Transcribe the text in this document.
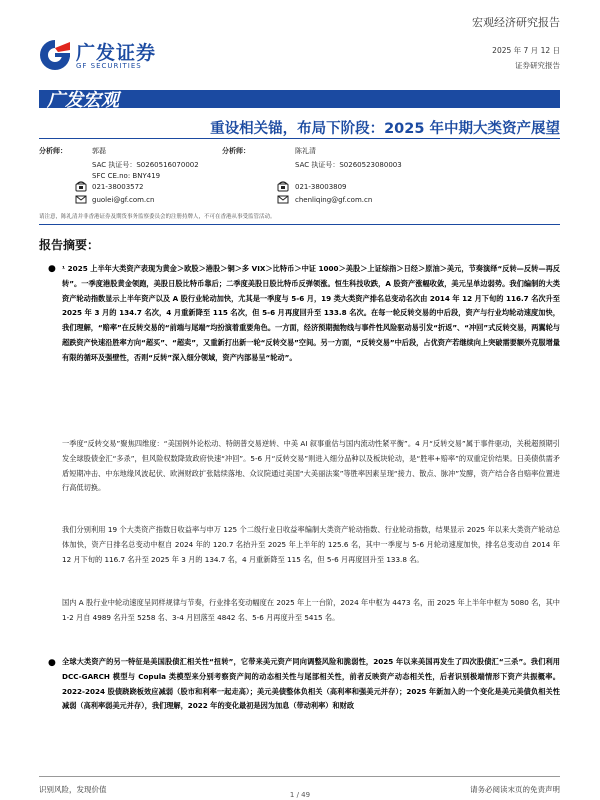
广发证券
GF SECURITIES
宏观经济研究报告
2025 年 7 月 12 日
证券研究报告
广发宏观
重设相关锚，布局下阶段：2025 年中期大类资产展望
分析师：	郭磊
SAC 执证号：S0260516070002
SFC CE.no: BNY419
021-38003572
guolei@gf.com.cn
分析师：	陈礼清
SAC 执证号：S0260523080003
021-38003809
chenliqing@gf.com.cn
请注意，陈礼清并非香港证券及期货事务监察委员会的注册持牌人，不可在香港从事受监管活动。
报告摘要：
● ¹ 2025 上半年大类资产表现为黄金＞欧股＞港股＞铜＞多 VIX＞比特币＞中证 1000＞美股＞上证综指＞日经＞原油＞美元，节奏演绎“反转—反转—再反转”。一季度港股黄金领跑，美股日股比特币靠后；二季度美股日股比特币反弹领涨。恒生科技收跌，A 股资产涨幅收敛，美元呈单边弱势。我们编制的大类资产轮动指数显示上半年资产以及 A 股行业轮动加快，尤其是一季度与 5-6 月，19 类大类资产排名总变动名次由 2014 年 12 月下旬的 116.7 名次升至 2025 年 3 月的 134.7 名次，4 月重新降至 115 名次，但 5-6 月再度回升至 133.8 名次。在每一轮反转交易的中后段，资产与行业均轮动速度加快，我们理解，“赔率”在反转交易的“前端与尾端”均扮演着重要角色。一方面，经济预期抛物线与事件性风险驱动易引发“折返”、“冲回”式反转交易，两翼轮与超跌资产快速沿胜率方向“超买”、“超卖”，又重新打出新一轮“反转交易”空间。另一方面，“反转交易”中后段，占优资产若继续向上突破需要额外克服增量有限的循环及强壁性，否则“反转”深入细分领域，资产内部易呈“轮动”。
一季度“反转交易”聚焦四维度：“美国例外论松动、特朗普交易逆转、中美 AI 叙事重估与国内流动性紧平衡”。4 月“反转交易”属于事件驱动，关税超预期引发全球股债金汇“多杀”，但风险权数降致政府快速“冲回”。5-6 月“反转交易”则进入细分品种以及板块轮动，是“胜率+赔率”的双重定价结果。日美债供需矛盾短期冲击、中东地缘风波起伏、欧洲财政扩张陆续落地、众议院通过美国“大美丽法案”等胜率因素呈现“接力、散点、脉冲”发酵，资产结合各自赔率位置进行高低切换。
我们分别利用 19 个大类资产指数日收益率与申万 125 个二级行业日收益率编制大类资产轮动指数、行业轮动指数，结果显示 2025 年以来大类资产轮动总体加快，资产日排名总变动中枢自 2024 年的 120.7 名抬升至 2025 年上半年的 125.6 名，其中一季度与 5-6 月轮动速度加快，排名总变动自 2014 年 12 月下旬的 116.7 名升至 2025 年 3 月的 134.7 名，4 月重新降至 115 名，但 5-6 月再度回升至 133.8 名。
国内 A 股行业中轮动速度呈同样规律与节奏，行业排名变动幅度在 2025 年上一台阶，2024 年中枢为 4473 名，而 2025 年上半年中枢为 5080 名，其中 1-2 月自 4989 名升至 5258 名、3-4 月回落至 4842 名、5-6 月再度升至 5415 名。
● 全球大类资产的另一特征是美国股债汇相关性“扭转”，它带来美元资产同向调整风险和脆弱性，2025 年以来美国再发生了四次股债汇“三杀”。我们利用 DCC-GARCH 模型与 Copula 类模型来分别考察资产间的动态相关性与尾部相关性，前者反映资产动态相关性，后者识别极端情形下资产共振概率。2022-2024 股债跷跷板效应减弱（股市和利率一起走高）；美元美债整体负相关（高利率和强美元并存）；2025 年新加入的一个变化是美元美债负相关性减弱（高利率弱美元并存），我们理解，2022 年的变化最初是因为加息（带动利率）和财政
识别风险，发现价值	请务必阅读末页的免责声明
1 / 49
